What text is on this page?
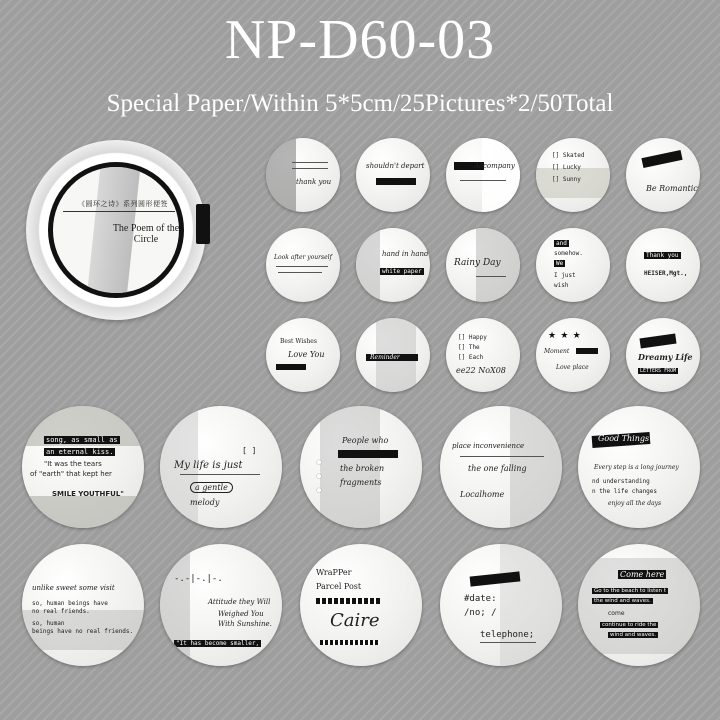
NP-D60-03
Special Paper/Within 5*5cm/25Pictures*2/50Total
《圆环之诗》系列圆形便签
The Poem of the Circle
thank you
shouldn't depart	Accompany
[] Skated
[] Lucky
[] Sunny
Be Romantic
Look after yourself	hand in hand
white paper
Rainy Day
and
somehow.
We
I just
wish
Thank you
HEISER,Mgt.,
Best Wishes
Love You	Reminder
[] Happy
[] The
[] Each
ee22 NoX08
★ ★ ★
Moment
Love place
Dreamy Life
LETTERS FROM
song, as small as
an eternal kiss.
"It was the tears
of "earth" that kept her
SMILE YOUTHFUL"
[ ]
My life is just
a gentle
melody
People who
the broken
fragments
●
●
●
place inconvenience
the one falling
Localhome
Good Things
Every step is a long journey
nd understanding
n the life changes
enjoy all the days
unlike sweet some visit
so, human beings have
no real friends.
so, human
beings have no real friends.
-.-|-.|-.
Attitude they Will
Weighed You
With Sunshine.
"It has become smaller,
WraPPer
Parcel Post
Caire
#date:
/no; /
telephone;
Come here
Go to the beach to listen t
the wind and waves.
come
continue to ride the
wind and waves.
